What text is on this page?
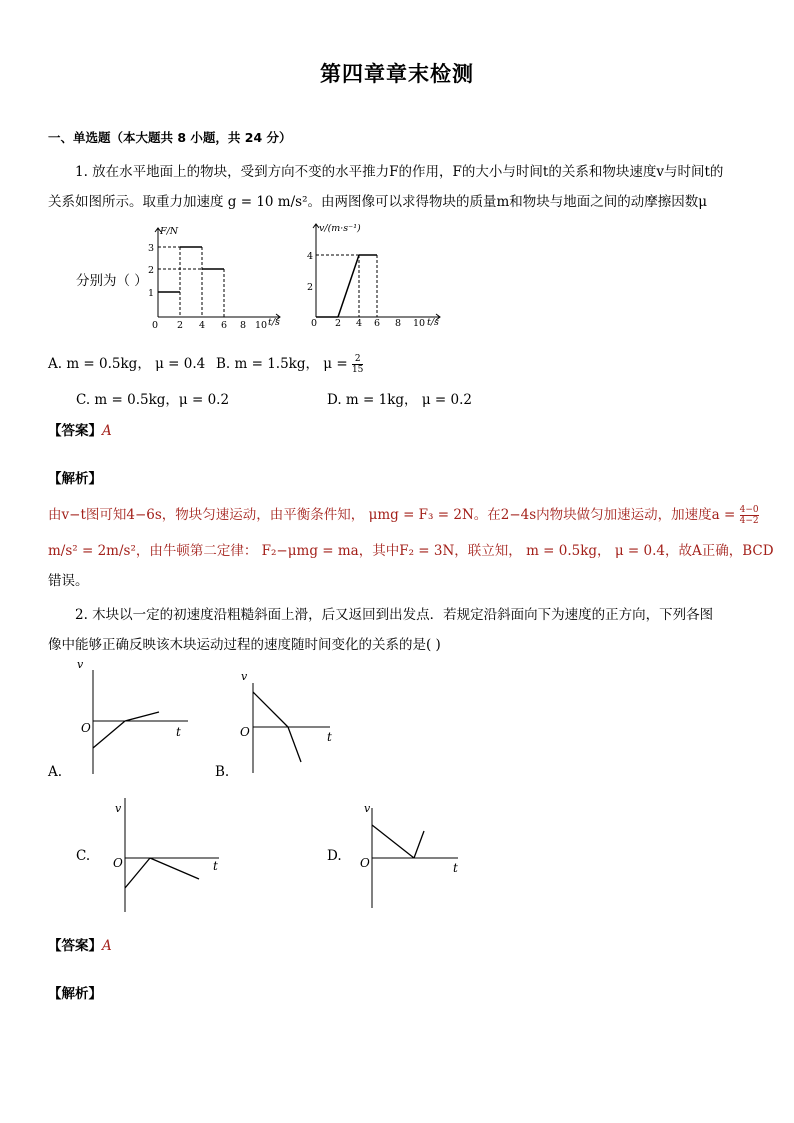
第四章章末检测
一、单选题（本大题共 8 小题，共 24 分）
1. 放在水平地面上的物块，受到方向不变的水平推力F的作用，F的大小与时间t的关系和物块速度v与时间t的
关系如图所示。取重力加速度 g = 10 m/s²。由两图像可以求得物块的质量m和物块与地面之间的动摩擦因数μ
分别为（ ）
F/N
t/s
0 2 4 6 8 10
1
2
3
v/(m·s⁻¹)
t/s
0 2 4 6 8 10
2
4
A. m = 0.5kg， μ = 0.4 B. m = 1.5kg， $\mu = \frac{2}{15}$
C. m = 0.5kg，μ = 0.2	D. m = 1kg， μ = 0.2
【答案】A
【解析】
由v−t图可知4−6s，物块匀速运动，由平衡条件知， μmg = F₃ = 2N。在2−4s内物块做匀加速运动，加速度$a = \frac{4-0}{4-2}$
m/s² = 2m/s²，由牛顿第二定律： F₂−μmg = ma，其中F₂ = 3N，联立知， m = 0.5kg， μ = 0.4，故A正确，BCD
错误。
2. 木块以一定的初速度沿粗糙斜面上滑，后又返回到出发点．若规定沿斜面向下为速度的正方向，下列各图
像中能够正确反映该木块运动过程的速度随时间变化的关系的是( )
v
O	t
A.
v
O	t
B.
v
O	t
C.
v
O	t
D.
【答案】A
【解析】
